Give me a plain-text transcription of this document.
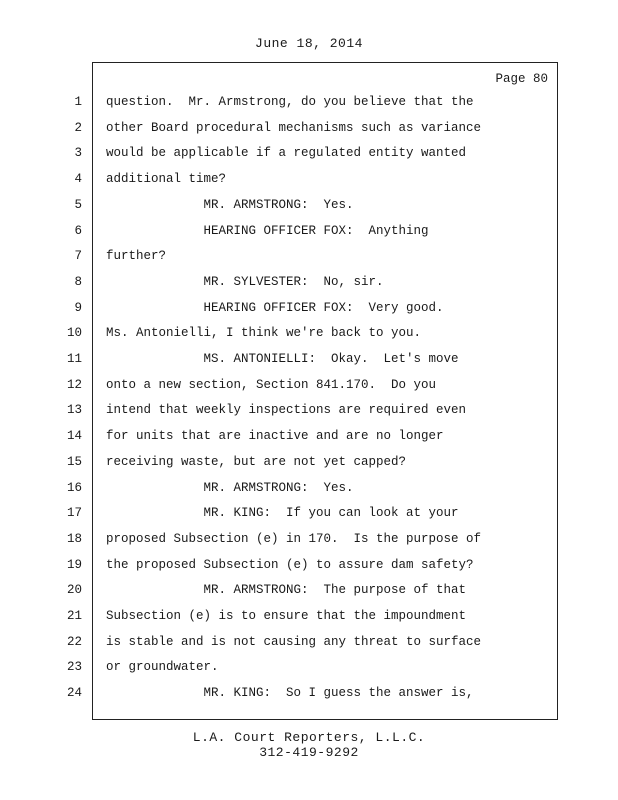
June 18, 2014
Page 80
1 question.  Mr. Armstrong, do you believe that the
2 other Board procedural mechanisms such as variance
3 would be applicable if a regulated entity wanted
4 additional time?
5 MR. ARMSTRONG:  Yes.
6 HEARING OFFICER FOX:  Anything
7 further?
8 MR. SYLVESTER:  No, sir.
9 HEARING OFFICER FOX:  Very good.
10 Ms. Antonielli, I think we're back to you.
11 MS. ANTONIELLI:  Okay.  Let's move
12 onto a new section, Section 841.170.  Do you
13 intend that weekly inspections are required even
14 for units that are inactive and are no longer
15 receiving waste, but are not yet capped?
16 MR. ARMSTRONG:  Yes.
17 MR. KING:  If you can look at your
18 proposed Subsection (e) in 170.  Is the purpose of
19 the proposed Subsection (e) to assure dam safety?
20 MR. ARMSTRONG:  The purpose of that
21 Subsection (e) is to ensure that the impoundment
22 is stable and is not causing any threat to surface
23 or groundwater.
24 MR. KING:  So I guess the answer is,
L.A. Court Reporters, L.L.C.
312-419-9292
